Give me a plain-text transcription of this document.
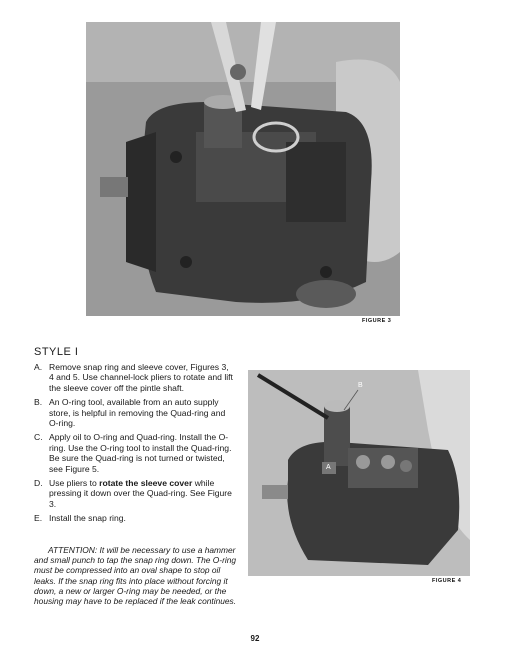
FIGURE 3
B
A
FIGURE 4
STYLE I
A. Remove snap ring and sleeve cover, Figures 3, 4 and 5. Use channel-lock pliers to rotate and lift the sleeve cover off the pintle shaft.
B. An O-ring tool, available from an auto supply store, is helpful in removing the Quad-ring and O-ring.
C. Apply oil to O-ring and Quad-ring. Install the O-ring. Use the O-ring tool to install the Quad-ring. Be sure the Quad-ring is not turned or twisted, see Figure 5.
D. Use pliers to rotate the sleeve cover while pressing it down over the Quad-ring. See Figure 3.
E. Install the snap ring.
ATTENTION: It will be necessary to use a hammer and small punch to tap the snap ring down. The O-ring must be compressed into an oval shape to stop oil leaks. If the snap ring fits into place without forcing it down, a new or larger O-ring may be needed, or the housing may have to be replaced if the leak continues.
92
